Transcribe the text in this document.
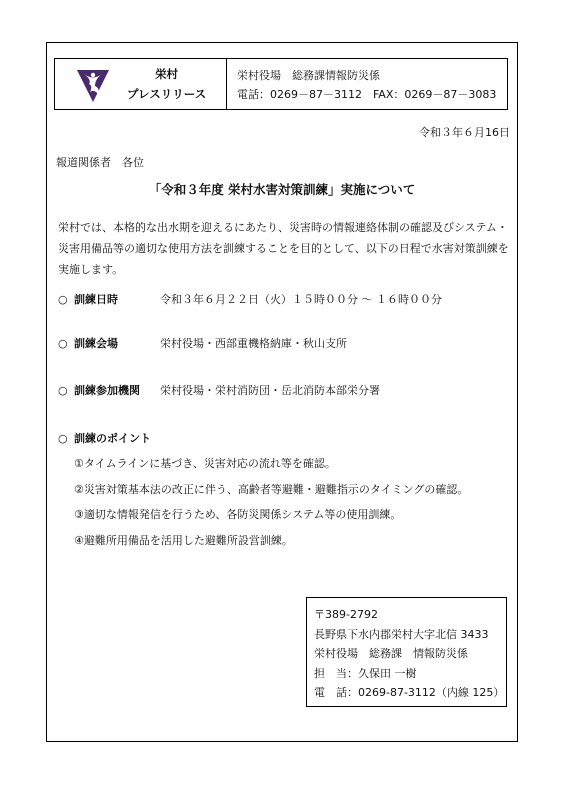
栄村
プレスリリース
栄村役場　総務課情報防災係
電話：0269－87－3112　FAX：0269－87－3083
令和３年６月16日
報道関係者　各位
「令和３年度 栄村水害対策訓練」実施について
栄村では、本格的な出水期を迎えるにあたり、災害時の情報連絡体制の確認及びシステム・
災害用備品等の適切な使用方法を訓練することを目的として、以下の日程で水害対策訓練を
実施します。
○ 訓練日時	令和３年６月２２日（火）１５時００分 ～ １６時００分
○ 訓練会場	栄村役場・西部重機格納庫・秋山支所
○ 訓練参加機関	栄村役場・栄村消防団・岳北消防本部栄分署
○ 訓練のポイント
①タイムラインに基づき、災害対応の流れ等を確認。
②災害対策基本法の改正に伴う、高齢者等避難・避難指示のタイミングの確認。
③適切な情報発信を行うため、各防災関係システム等の使用訓練。
④避難所用備品を活用した避難所設営訓練。
〒389-2792
長野県下水内郡栄村大字北信 3433
栄村役場　総務課　情報防災係
担　当：久保田 一樹
電　話：0269-87-3112（内線 125）
